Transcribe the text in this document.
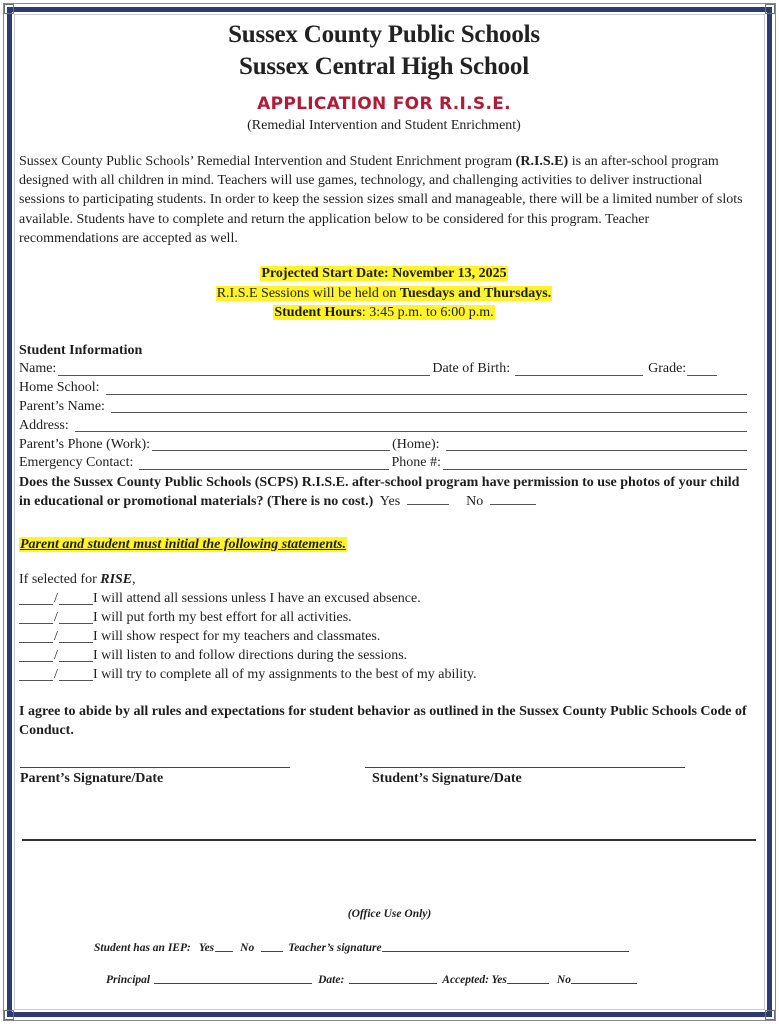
Sussex County Public Schools
Sussex Central High School
APPLICATION FOR R.I.S.E.
(Remedial Intervention and Student Enrichment)

Sussex County Public Schools’ Remedial Intervention and Student Enrichment program (R.I.S.E) is an after-school program designed with all children in mind. Teachers will use games, technology, and challenging activities to deliver instructional sessions to participating students. In order to keep the session sizes small and manageable, there will be a limited number of slots available. Students have to complete and return the application below to be considered for this program. Teacher recommendations are accepted as well.

Projected Start Date: November 13, 2025
R.I.S.E Sessions will be held on Tuesdays and Thursdays.
Student Hours: 3:45 p.m. to 6:00 p.m.
Student Information
Name:	Date of Birth:	Grade:
Home School:
Parent’s Name:
Address:
Parent’s Phone (Work):	(Home):
Emergency Contact:	Phone #:
Does the Sussex County Public Schools (SCPS) R.I.S.E. after-school program have permission to use photos of your child in educational or promotional materials? (There is no cost.) Yes	No
Parent and student must initial the following statements.
If selected for RISE,
/	I will attend all sessions unless I have an excused absence.
/	I will put forth my best effort for all activities.
/	I will show respect for my teachers and classmates.
/	I will listen to and follow directions during the sessions.
/	I will try to complete all of my assignments to the best of my ability.
I agree to abide by all rules and expectations for student behavior as outlined in the Sussex County Public Schools Code of Conduct.
Parent’s Signature/Date	Student’s Signature/Date
(Office Use Only)
Student has an IEP: Yes No	Teacher’s signature
Principal	Date:	Accepted: Yes	No
